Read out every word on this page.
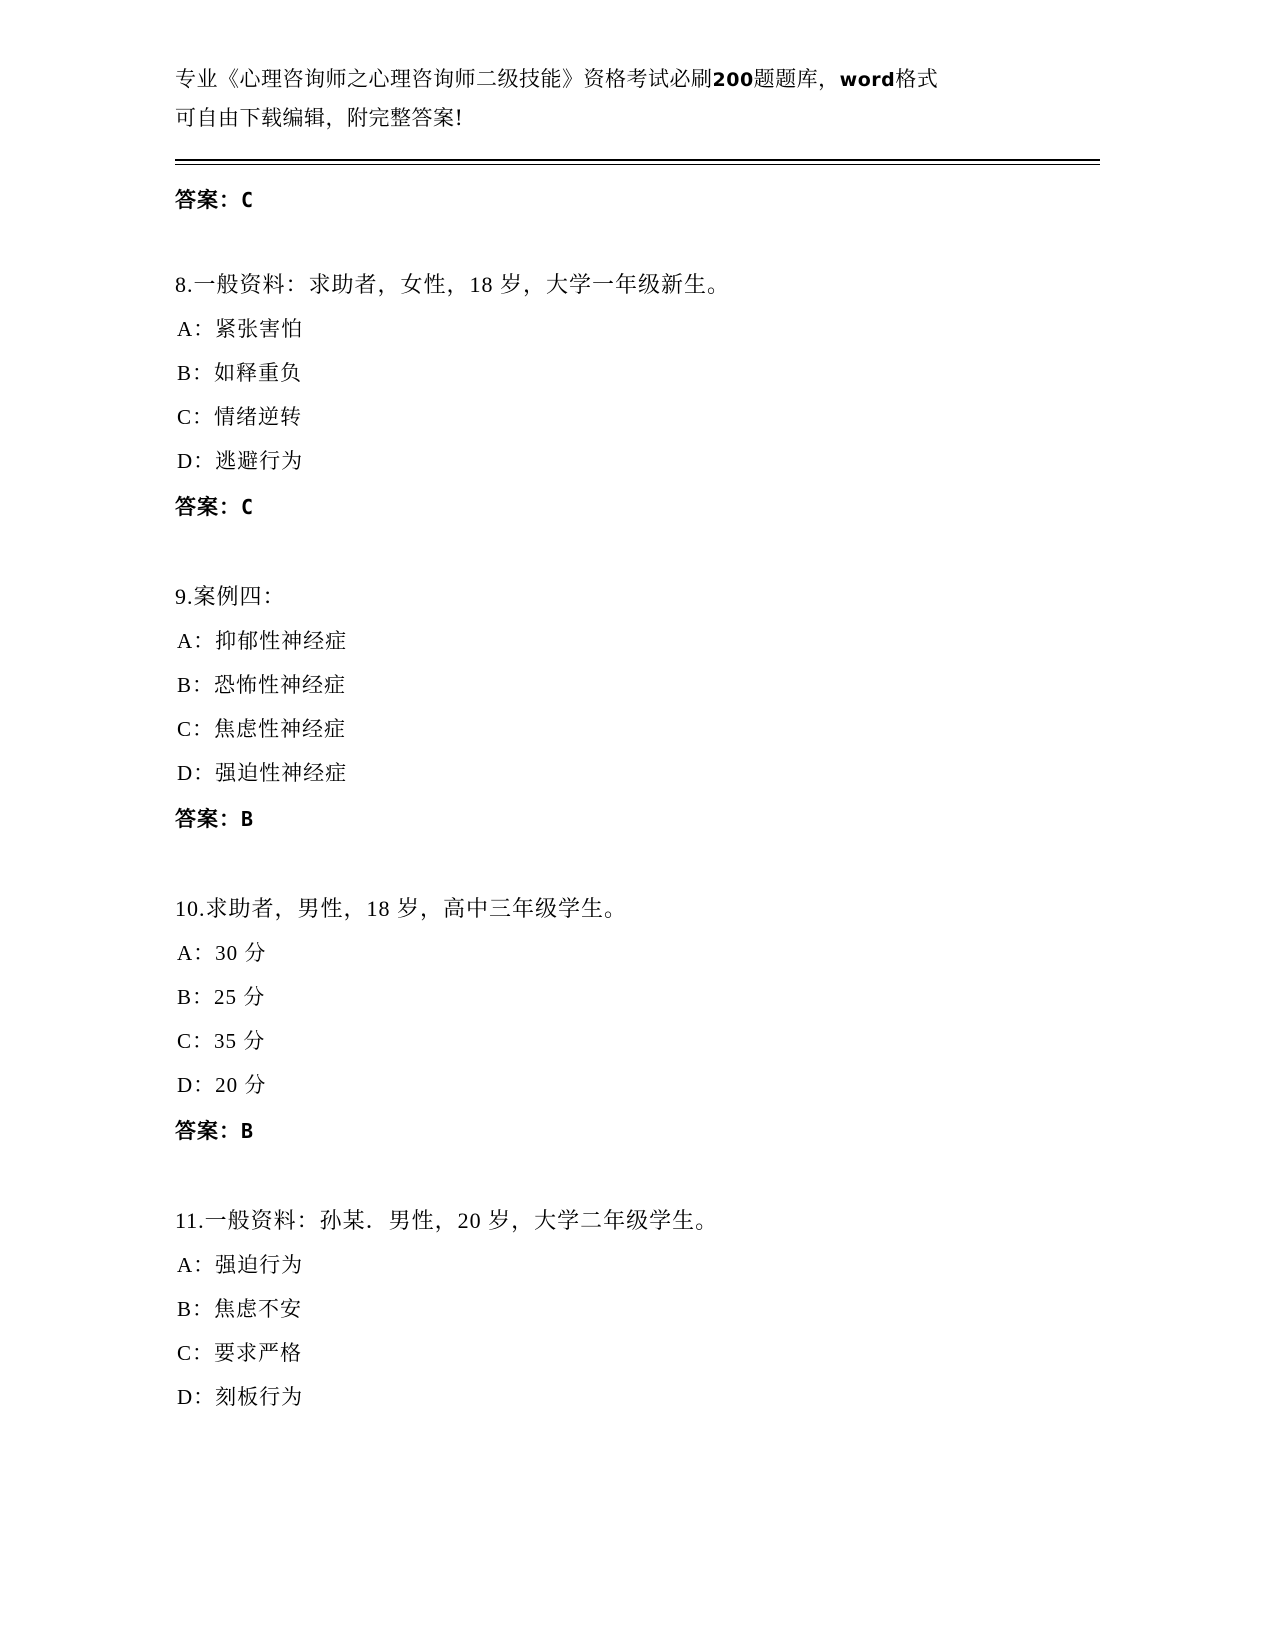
专业《心理咨询师之心理咨询师二级技能》资格考试必刷200题题库，word格式
可自由下载编辑，附完整答案!
答案：C
8.一般资料：求助者，女性，18 岁，大学一年级新生。
A：紧张害怕
B：如释重负
C：情绪逆转
D：逃避行为
答案：C
9.案例四：
A：抑郁性神经症
B：恐怖性神经症
C：焦虑性神经症
D：强迫性神经症
答案：B
10.求助者，男性，18 岁，高中三年级学生。
A：30 分
B：25 分
C：35 分
D：20 分
答案：B
11.一般资料：孙某．男性，20 岁，大学二年级学生。
A：强迫行为
B：焦虑不安
C：要求严格
D：刻板行为
